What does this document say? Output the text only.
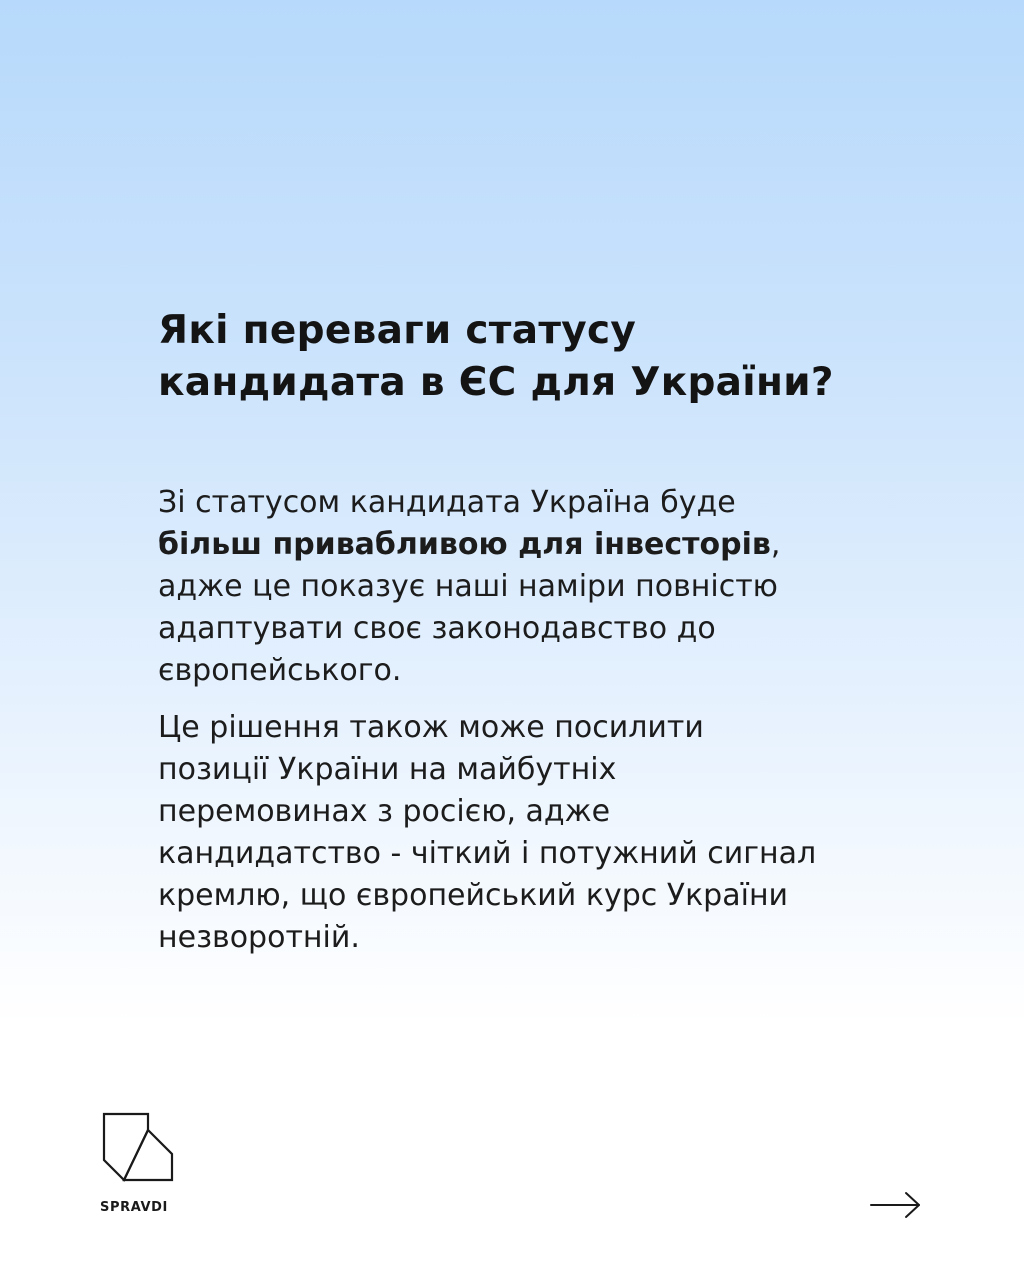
Які переваги статусу
кандидата в ЄС для України?

Зі статусом кандидата Україна буде
більш привабливою для інвесторів,
адже це показує наші наміри повністю
адаптувати своє законодавство до
європейського.

Це рішення також може посилити
позиції України на майбутніх
перемовинах з росією, адже
кандидатство - чіткий і потужний сигнал
кремлю, що європейський курс України
незворотній.

SPRAVDI
